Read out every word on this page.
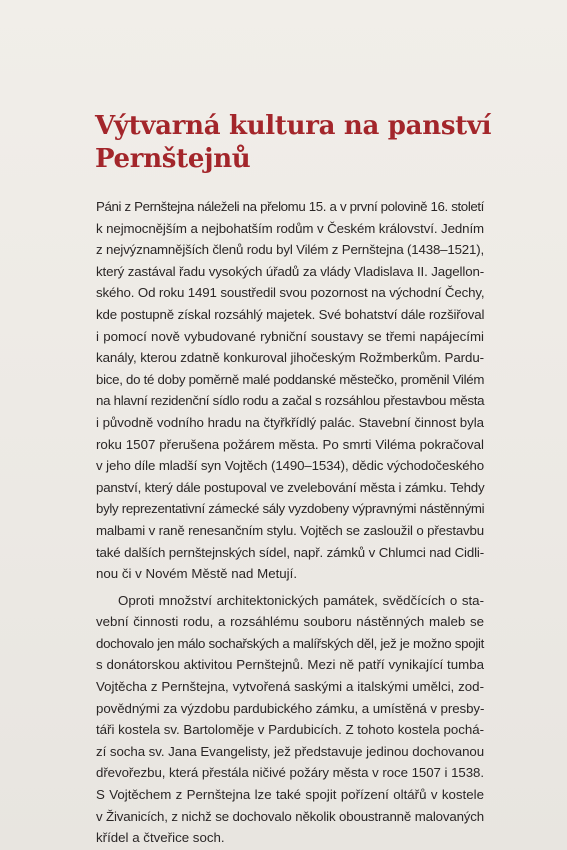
Výtvarná kultura na panství
Pernštejnů
Páni z Pernštejna náleželi na přelomu 15. a v první polovině 16. století
k nejmocnějším a nejbohatším rodům v Českém království. Jedním
z nejvýznamnějších členů rodu byl Vilém z Pernštejna (1438–1521),
který zastával řadu vysokých úřadů za vlády Vladislava II. Jagellon-
ského. Od roku 1491 soustředil svou pozornost na východní Čechy,
kde postupně získal rozsáhlý majetek. Své bohatství dále rozšiřoval
i pomocí nově vybudované rybniční soustavy se třemi napájecími
kanály, kterou zdatně konkuroval jihočeským Rožmberkům. Pardu-
bice, do té doby poměrně malé poddanské městečko, proměnil Vilém
na hlavní rezidenční sídlo rodu a začal s rozsáhlou přestavbou města
i původně vodního hradu na čtyřkřídlý palác. Stavební činnost byla
roku 1507 přerušena požárem města. Po smrti Viléma pokračoval
v jeho díle mladší syn Vojtěch (1490–1534), dědic východočeského
panství, který dále postupoval ve zvelebování města i zámku. Tehdy
byly reprezentativní zámecké sály vyzdobeny výpravnými nástěnnými
malbami v raně renesančním stylu. Vojtěch se zasloužil o přestavbu
také dalších pernštejnských sídel, např. zámků v Chlumci nad Cidli-
nou či v Novém Městě nad Metují.
Oproti množství architektonických památek, svědčících o sta-
vební činnosti rodu, a rozsáhlému souboru nástěnných maleb se
dochovalo jen málo sochařských a malířských děl, jež je možno spojit
s donátorskou aktivitou Pernštejnů. Mezi ně patří vynikající tumba
Vojtěcha z Pernštejna, vytvořená saskými a italskými umělci, zod-
povědnými za výzdobu pardubického zámku, a umístěná v presby-
táři kostela sv. Bartoloměje v Pardubicích. Z tohoto kostela pochá-
zí socha sv. Jana Evangelisty, jež představuje jedinou dochovanou
dřevořezbu, která přestála ničivé požáry města v roce 1507 i 1538.
S Vojtěchem z Pernštejna lze také spojit pořízení oltářů v kostele
v Živanicích, z nichž se dochovalo několik oboustranně malovaných
křídel a čtveřice soch.
